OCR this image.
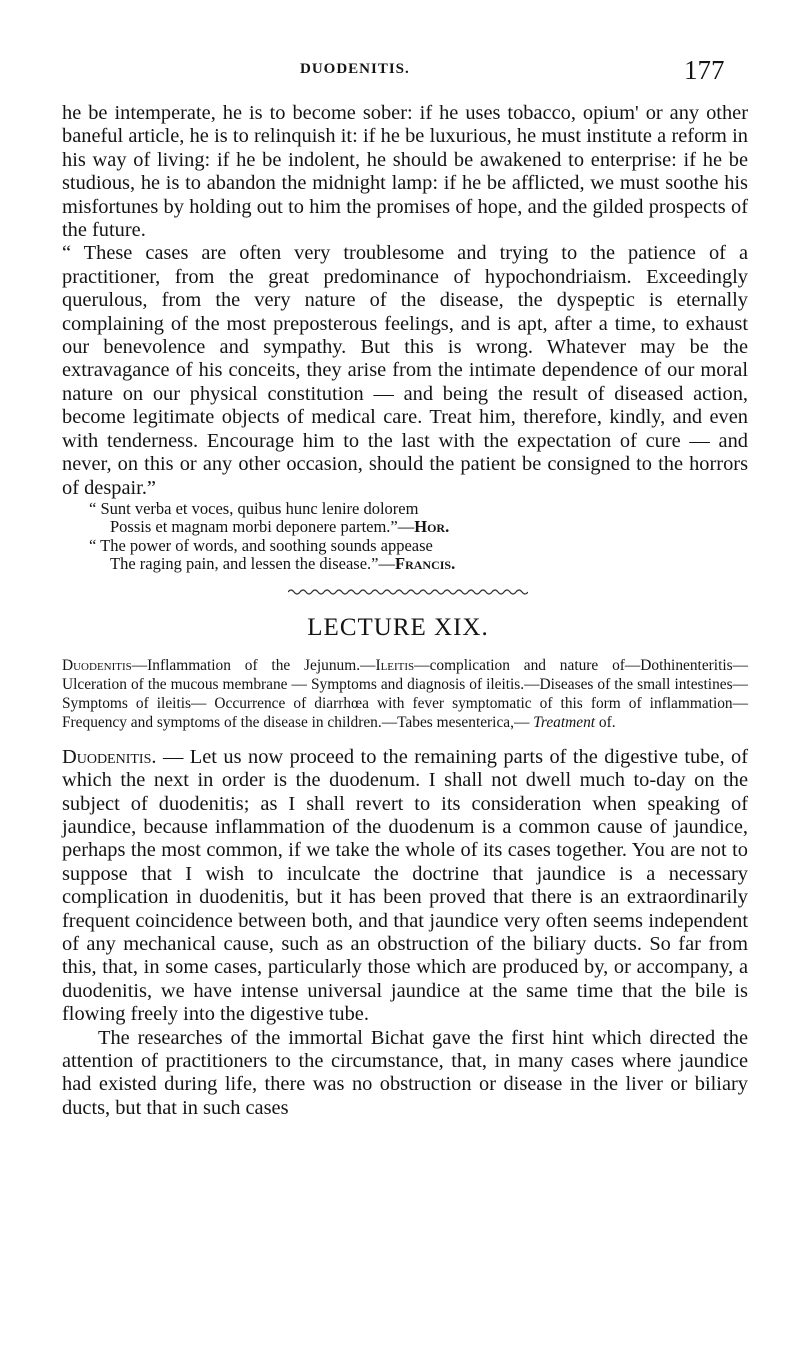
DUODENITIS.	177

he be intemperate, he is to become sober: if he uses tobacco, opium' or any other baneful article, he is to relinquish it: if he be luxurious, he must institute a reform in his way of living: if he be indolent, he should be awakened to enterprise: if he be studious, he is to abandon the midnight lamp: if he be afflicted, we must soothe his misfortunes by holding out to him the promises of hope, and the gilded prospects of the future.

“ These cases are often very troublesome and trying to the patience of a practitioner, from the great predominance of hypochondriaism. Exceedingly querulous, from the very nature of the disease, the dyspeptic is eternally complaining of the most preposterous feelings, and is apt, after a time, to exhaust our benevolence and sympathy. But this is wrong. Whatever may be the extravagance of his conceits, they arise from the intimate dependence of our moral nature on our physical constitution — and being the result of diseased action, become legitimate objects of medical care. Treat him, therefore, kindly, and even with tenderness. Encourage him to the last with the expectation of cure — and never, on this or any other occasion, should the patient be consigned to the horrors of despair.”

“ Sunt verba et voces, quibus hunc lenire dolorem
Possis et magnam morbi deponere partem.”—Hor.
“ The power of words, and soothing sounds appease
The raging pain, and lessen the disease.”—Francis.
LECTURE XIX.
Duodenitis—Inflammation of the Jejunum.—Ileitis—complication and nature of—Dothinenteritis—Ulceration of the mucous membrane — Symptoms and diagnosis of ileitis.—Diseases of the small intestines—Symptoms of ileitis— Occurrence of diarrhœa with fever symptomatic of this form of inflammation— Frequency and symptoms of the disease in children.—Tabes mesenterica,— Treatment of.

Duodenitis. — Let us now proceed to the remaining parts of the digestive tube, of which the next in order is the duodenum. I shall not dwell much to-day on the subject of duodenitis; as I shall revert to its consideration when speaking of jaundice, because inflammation of the duodenum is a common cause of jaundice, perhaps the most common, if we take the whole of its cases together. You are not to suppose that I wish to inculcate the doctrine that jaundice is a necessary complication in duodenitis, but it has been proved that there is an extraordinarily frequent coincidence between both, and that jaundice very often seems independent of any mechanical cause, such as an obstruction of the biliary ducts. So far from this, that, in some cases, particularly those which are produced by, or accompany, a duodenitis, we have intense universal jaundice at the same time that the bile is flowing freely into the digestive tube.

The researches of the immortal Bichat gave the first hint which directed the attention of practitioners to the circumstance, that, in many cases where jaundice had existed during life, there was no obstruction or disease in the liver or biliary ducts, but that in such cases
